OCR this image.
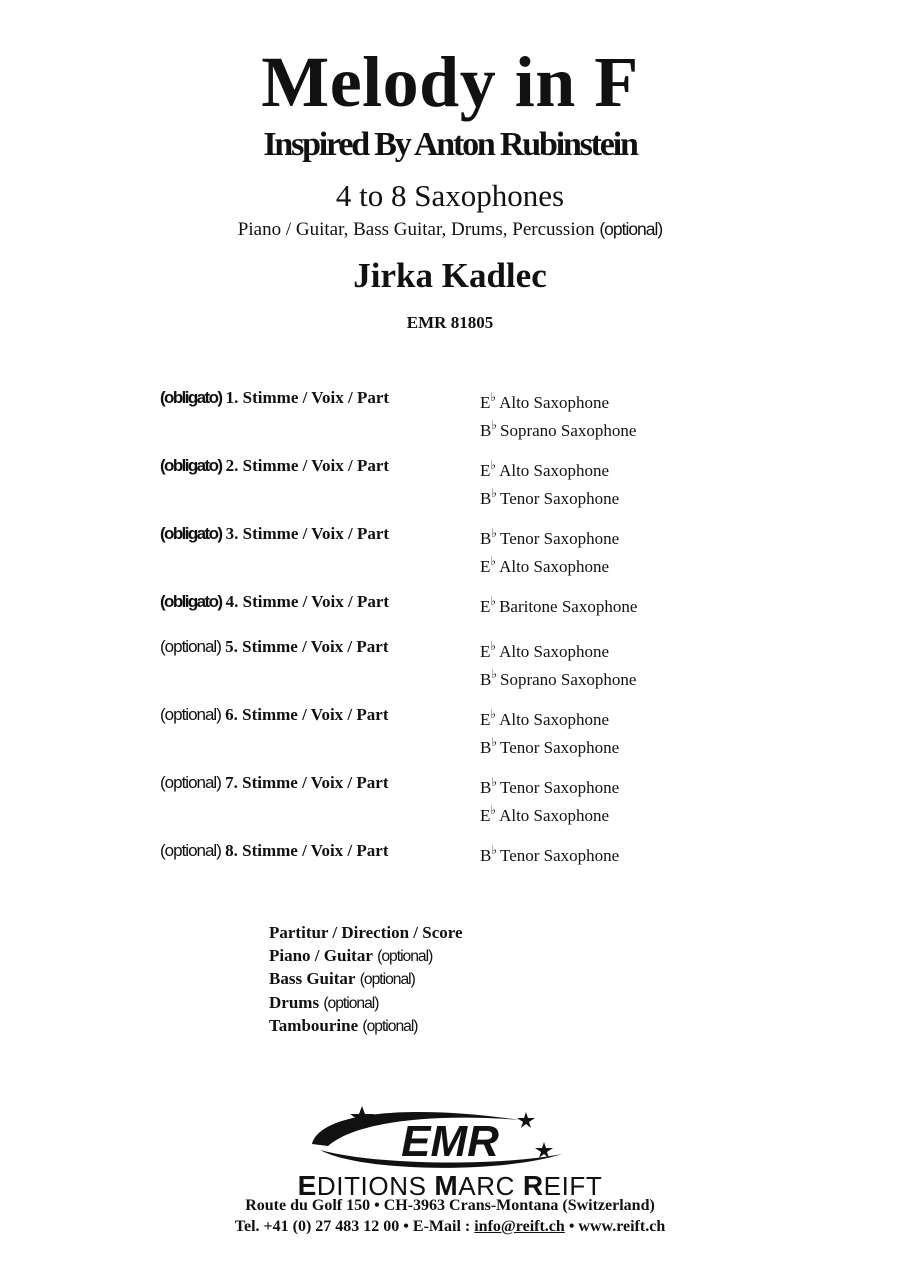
Melody in F
Inspired By Anton Rubinstein
4 to 8 Saxophones
Piano / Guitar, Bass Guitar, Drums, Percussion (optional)
Jirka Kadlec
EMR 81805
(obligato) 1. Stimme / Voix / Part	E♭ Alto Saxophone
B♭ Soprano Saxophone
(obligato) 2. Stimme / Voix / Part	E♭ Alto Saxophone
B♭ Tenor Saxophone
(obligato) 3. Stimme / Voix / Part	B♭ Tenor Saxophone
E♭ Alto Saxophone
(obligato) 4. Stimme / Voix / Part	E♭ Baritone Saxophone
(optional) 5. Stimme / Voix / Part	E♭ Alto Saxophone
B♭ Soprano Saxophone
(optional) 6. Stimme / Voix / Part	E♭ Alto Saxophone
B♭ Tenor Saxophone
(optional) 7. Stimme / Voix / Part	B♭ Tenor Saxophone
E♭ Alto Saxophone
(optional) 8. Stimme / Voix / Part	B♭ Tenor Saxophone
Partitur / Direction / Score
Piano / Guitar (optional)
Bass Guitar (optional)
Drums (optional)
Tambourine (optional)
EMR
EDITIONS MARC REIFT
Route du Golf 150 • CH-3963 Crans-Montana (Switzerland)
Tel. +41 (0) 27 483 12 00 • E-Mail : info@reift.ch • www.reift.ch
